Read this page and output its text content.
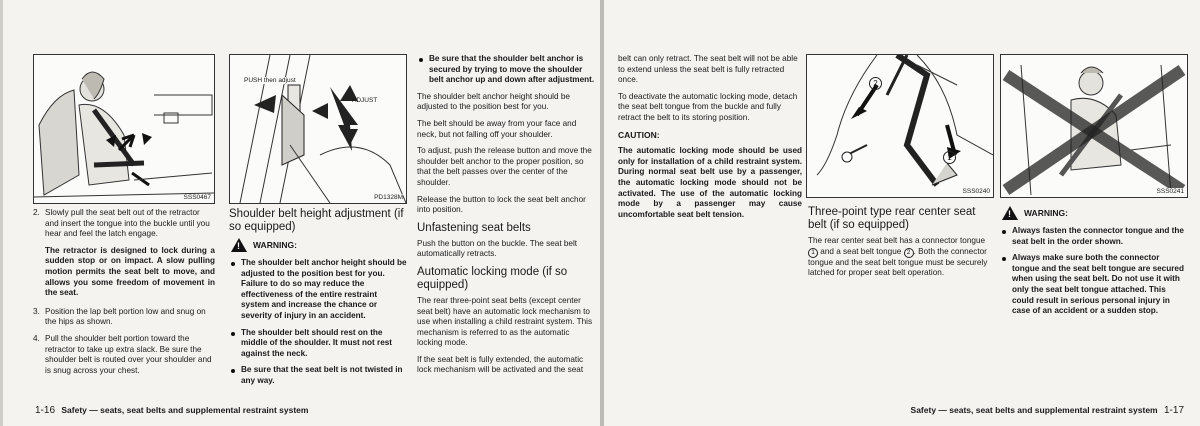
SSS0467
PUSH then adjust
ADJUST
PD1328M
2. Slowly pull the seat belt out of the retractor and insert the tongue into the buckle until you hear and feel the latch engage.

The retractor is designed to lock during a sudden stop or on impact. A slow pulling motion permits the seat belt to move, and allows you some freedom of movement in the seat.

3. Position the lap belt portion low and snug on the hips as shown.
4. Pull the shoulder belt portion toward the retractor to take up extra slack. Be sure the shoulder belt is routed over your shoulder and is snug across your chest.
Shoulder belt height adjustment (if so equipped)
! WARNING:
The shoulder belt anchor height should be adjusted to the position best for you. Failure to do so may reduce the effectiveness of the entire restraint system and increase the chance or severity of injury in an accident.
The shoulder belt should rest on the middle of the shoulder. It must not rest against the neck.
Be sure that the seat belt is not twisted in any way.
Be sure that the shoulder belt anchor is secured by trying to move the shoulder belt anchor up and down after adjustment.

The shoulder belt anchor height should be adjusted to the position best for you.

The belt should be away from your face and neck, but not falling off your shoulder.

To adjust, push the release button and move the shoulder belt anchor to the proper position, so that the belt passes over the center of the shoulder.

Release the button to lock the seat belt anchor into position.

Unfastening seat belts

Push the button on the buckle. The seat belt automatically retracts.

Automatic locking mode (if so equipped)

The rear three-point seat belts (except center seat belt) have an automatic lock mechanism to use when installing a child restraint system. This mechanism is referred to as the automatic locking mode.

If the seat belt is fully extended, the automatic lock mechanism will be activated and the seat

1-16 Safety — seats, seat belts and supplemental restraint system

belt can only retract. The seat belt will not be able to extend unless the seat belt is fully retracted once.

To deactivate the automatic locking mode, detach the seat belt tongue from the buckle and fully retract the belt to its storing position.

CAUTION:

The automatic locking mode should be used only for installation of a child restraint system. During normal seat belt use by a passenger, the automatic locking mode should not be activated. The use of the automatic locking mode by a passenger may cause uncomfortable seat belt tension.

2
1
SSS0240	SSS0241
Three-point type rear center seat belt (if so equipped)

The rear center seat belt has a connector tongue 1 and a seat belt tongue 2 . Both the connector tongue and the seat belt tongue must be securely latched for proper seat belt operation.

! WARNING:
Always fasten the connector tongue and the seat belt in the order shown.
Always make sure both the connector tongue and the seat belt tongue are secured when using the seat belt. Do not use it with only the seat belt tongue attached. This could result in serious personal injury in case of an accident or a sudden stop.
Safety — seats, seat belts and supplemental restraint system 1-17
